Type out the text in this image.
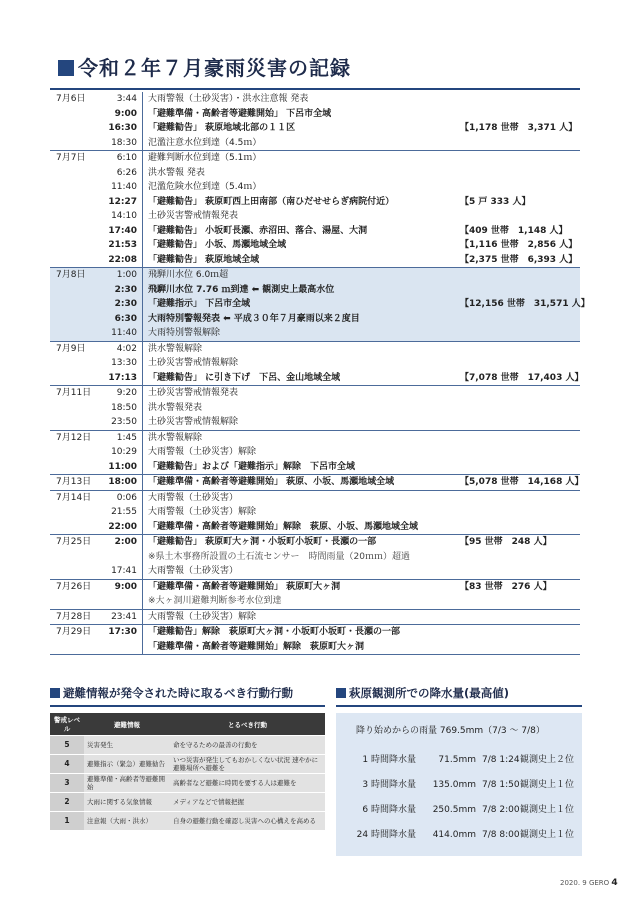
令和２年７月豪雨災害の記録
7月6日	3:44	大雨警報（土砂災害）・洪水注意報 発表
9:00	「避難準備・高齢者等避難開始」 下呂市全域
16:30	「避難勧告」 萩原地域北部の１１区	【1,178 世帯　3,371 人】
18:30	氾濫注意水位到達（4.5ｍ）
7月7日	6:10	避難判断水位到達（5.1ｍ）
6:26	洪水警報 発表
11:40	氾濫危険水位到達（5.4ｍ）
12:27	「避難勧告」 萩原町西上田南部（南ひだせせらぎ病院付近）	【5 戸 333 人】
14:10	土砂災害警戒情報発表
17:40	「避難勧告」 小坂町長瀬、赤沼田、落合、湯屋、大洞	【409 世帯　1,148 人】
21:53	「避難勧告」 小坂、馬瀬地域全域	【1,116 世帯　2,856 人】
22:08	「避難勧告」 萩原地域全域	【2,375 世帯　6,393 人】
7月8日	1:00	飛騨川水位 6.0ｍ超
2:30	飛騨川水位 7.76 ｍ到達 ⬅ 観測史上最高水位
2:30	「避難指示」 下呂市全域	【12,156 世帯　31,571 人】
6:30	大雨特別警報発表 ⬅ 平成３０年７月豪雨以来２度目
11:40	大雨特別警報解除
7月9日	4:02	洪水警報解除
13:30	土砂災害警戒情報解除
17:13	「避難勧告」 に引き下げ　下呂、金山地域全域	【7,078 世帯　17,403 人】
7月11日	9:20	土砂災害警戒情報発表
18:50	洪水警報発表
23:50	土砂災害警戒情報解除
7月12日	1:45	洪水警報解除
10:29	大雨警報（土砂災害）解除
11:00	「避難勧告」および「避難指示」解除　下呂市全域
7月13日	18:00	「避難準備・高齢者等避難開始」 萩原、小坂、馬瀬地域全域	【5,078 世帯　14,168 人】
7月14日	0:06	大雨警報（土砂災害）
21:55	大雨警報（土砂災害）解除
22:00	「避難準備・高齢者等避難開始」解除　萩原、小坂、馬瀬地域全域
7月25日	2:00	「避難勧告」 萩原町大ヶ洞・小坂町小坂町・長瀬の一部	【95 世帯　248 人】
※県土木事務所設置の土石流センサー　時間雨量（20ｍｍ）超過
17:41	大雨警報（土砂災害）
7月26日	9:00	「避難準備・高齢者等避難開始」 萩原町大ヶ洞	【83 世帯　276 人】
※大ヶ洞川避難判断参考水位到達
7月28日	23:41	大雨警報（土砂災害）解除
7月29日	17:30	「避難勧告」解除　萩原町大ヶ洞・小坂町小坂町・長瀬の一部
「避難準備・高齢者等避難開始」解除　萩原町大ヶ洞
避難情報が発令された時に取るべき行動行動
警戒レベル	避難情報	とるべき行動
5	災害発生	命を守るための最善の行動を
4	避難指示（緊急）避難勧告	いつ災害が発生してもおかしくない状況 速やかに避難場所へ避難を
3	避難準備・高齢者等避難開始	高齢者など避難に時間を要する人は避難を
2	大雨に関する気象情報	メディアなどで情報把握
1	注意報（大雨・洪水）	自身の避難行動を確認し災害への心構えを高める
萩原観測所での降水量(最高値)
降り始めからの雨量 769.5mm（7/3 〜 7/8）
1 時間降水量	71.5mm 7/8 1:24 観測史上２位
3 時間降水量	135.0mm 7/8 1:50 観測史上１位
6 時間降水量	250.5mm 7/8 2:00 観測史上１位
24 時間降水量	414.0mm 7/8 8:00 観測史上１位
2020. 9 GERO 4
